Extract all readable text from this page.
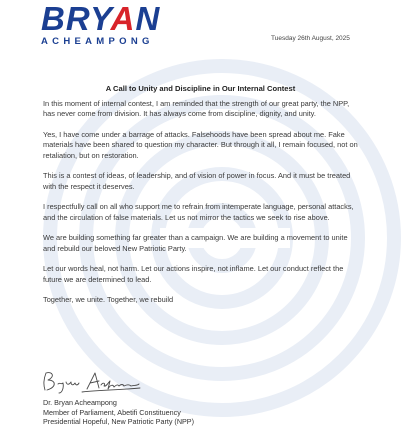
BRYAN
ACHEAMPONG	Tuesday 26th August, 2025
A Call to Unity and Discipline in Our Internal Contest

In this moment of internal contest, I am reminded that the strength of our great party, the NPP, has never come from division. It has always come from discipline, dignity, and unity.

Yes, I have come under a barrage of attacks. Falsehoods have been spread about me. Fake materials have been shared to question my character. But through it all, I remain focused, not on retaliation, but on restoration.

This is a contest of ideas, of leadership, and of vision of power in focus. And it must be treated with the respect it deserves.

I respectfully call on all who support me to refrain from intemperate language, personal attacks, and the circulation of false materials. Let us not mirror the tactics we seek to rise above.

We are building something far greater than a campaign. We are building a movement to unite and rebuild our beloved New Patriotic Party.

Let our words heal, not harm. Let our actions inspire, not inflame. Let our conduct reflect the future we are determined to lead.

Together, we unite. Together, we rebuild

Dr. Bryan Acheampong
Member of Parliament, Abetifi Constituency
Presidential Hopeful, New Patriotic Party (NPP)
